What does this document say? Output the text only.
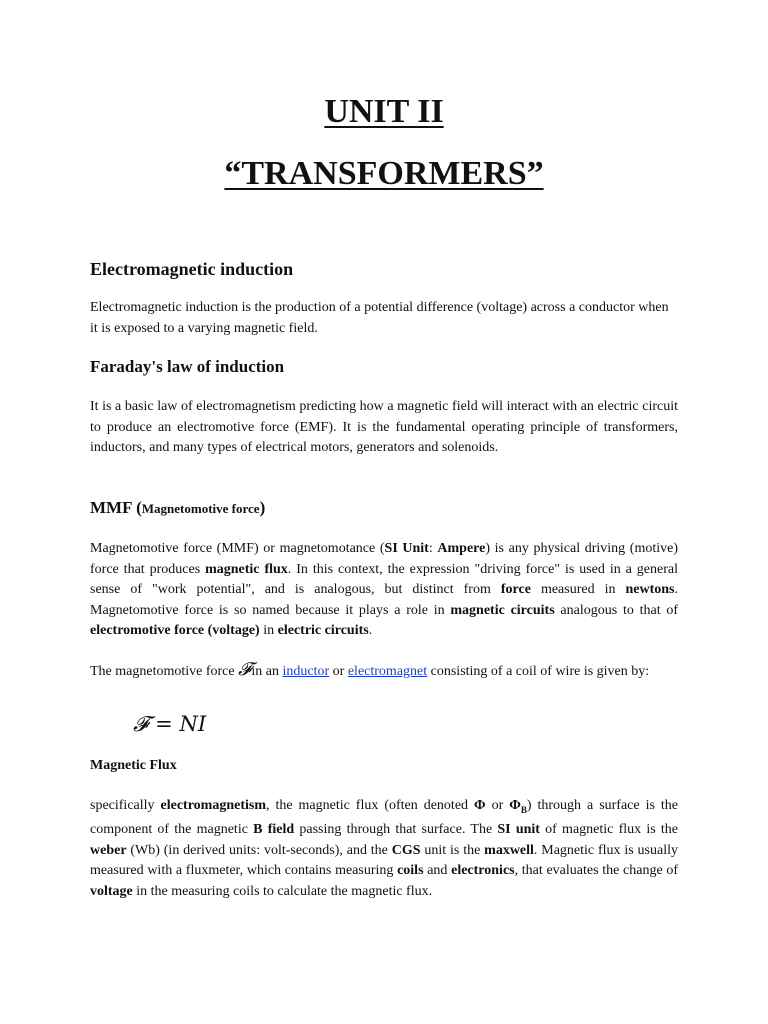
UNIT II
“TRANSFORMERS”
Electromagnetic induction

Electromagnetic induction is the production of a potential difference (voltage) across a conductor when it is exposed to a varying magnetic field.

Faraday's law of induction

It is a basic law of electromagnetism predicting how a magnetic field will interact with an electric circuit to produce an electromotive force (EMF). It is the fundamental operating principle of transformers, inductors, and many types of electrical motors, generators and solenoids.

MMF (Magnetomotive force)

Magnetomotive force (MMF) or magnetomotance (SI Unit: Ampere) is any physical driving (motive) force that produces magnetic flux. In this context, the expression "driving force" is used in a general sense of "work potential", and is analogous, but distinct from force measured in newtons. Magnetomotive force is so named because it plays a role in magnetic circuits analogous to that of electromotive force (voltage) in electric circuits.

The magnetomotive force 𝓕in an inductor or electromagnet consisting of a coil of wire is given by:

𝓕 = NI
Magnetic Flux

specifically electromagnetism, the magnetic flux (often denoted Φ or $\Phi_B$) through a surface is the component of the magnetic B field passing through that surface. The SI unit of magnetic flux is the weber (Wb) (in derived units: volt-seconds), and the CGS unit is the maxwell. Magnetic flux is usually measured with a fluxmeter, which contains measuring coils and electronics, that evaluates the change of voltage in the measuring coils to calculate the magnetic flux.
